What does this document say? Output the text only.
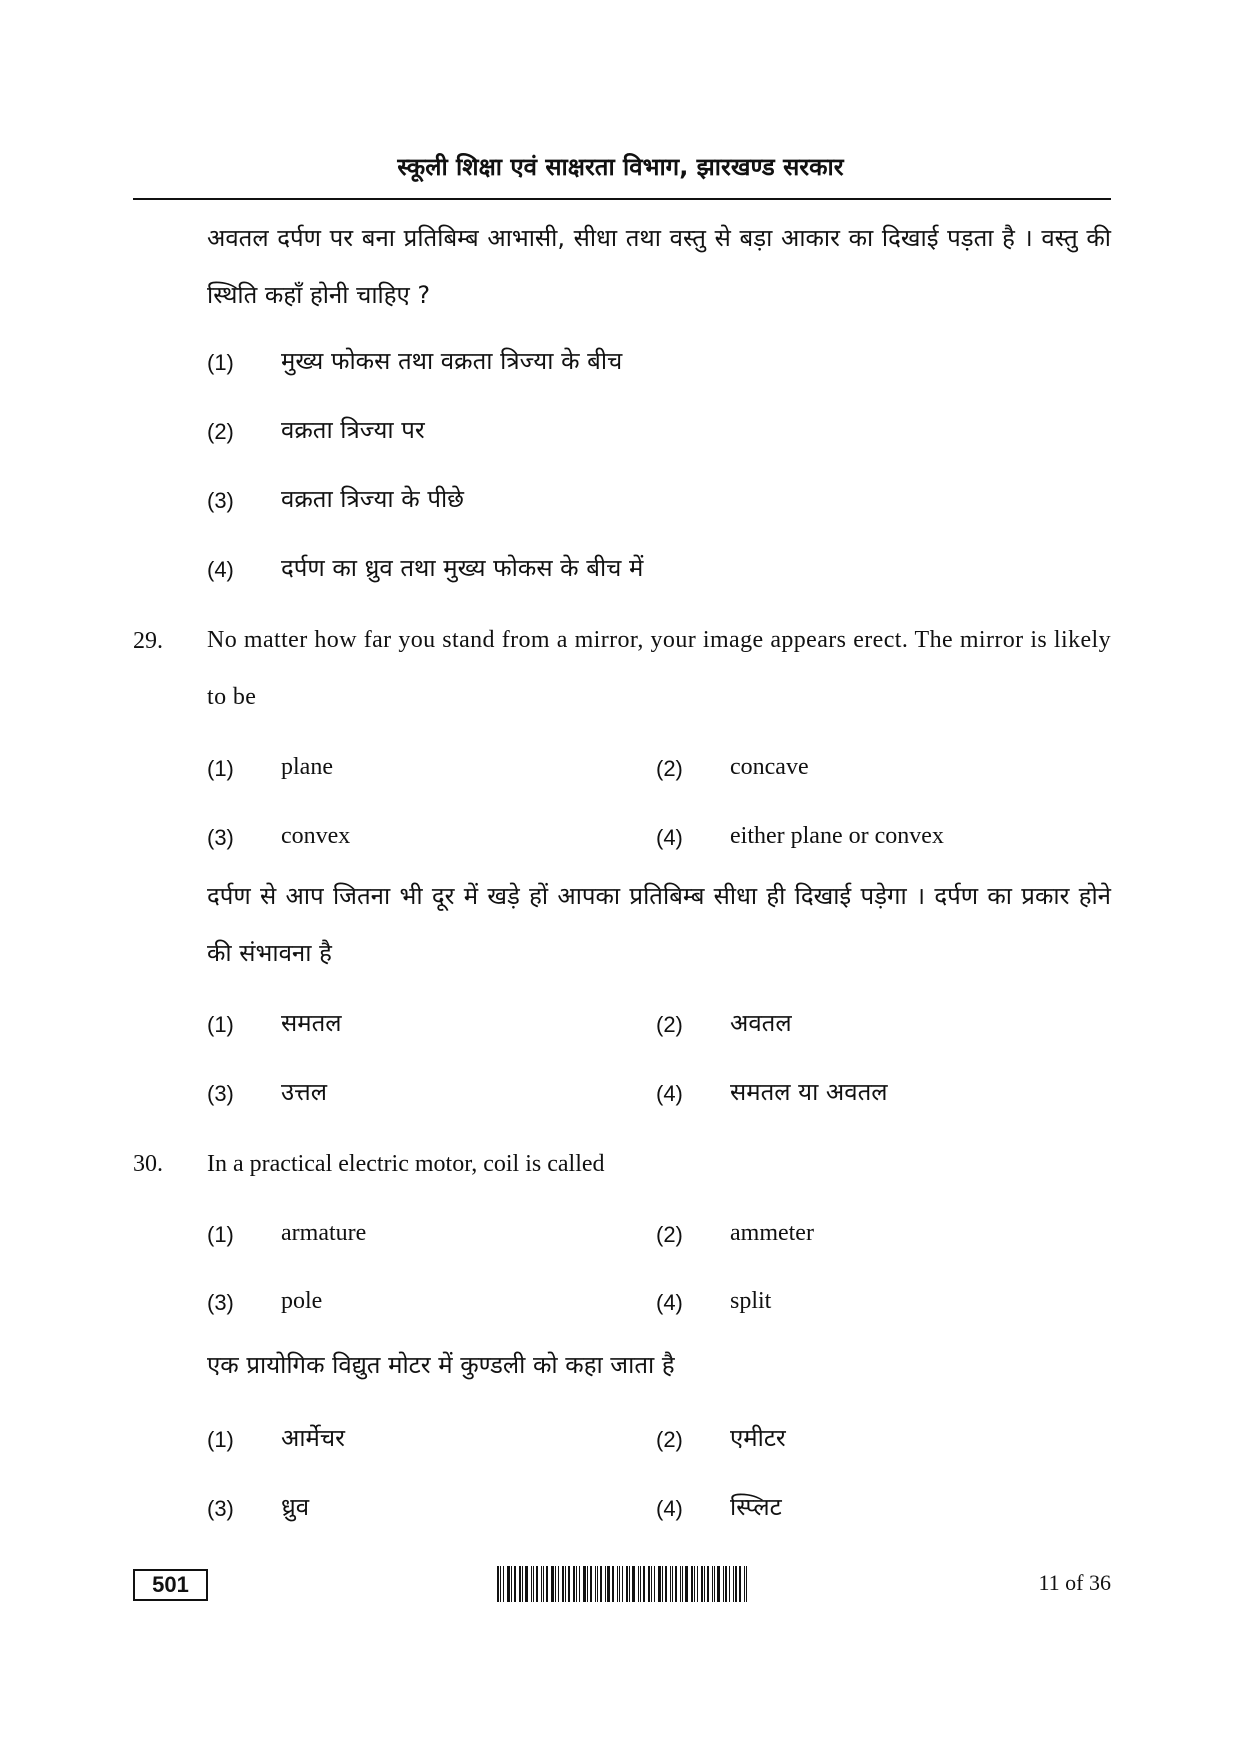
स्कूली शिक्षा एवं साक्षरता विभाग, झारखण्ड सरकार
अवतल दर्पण पर बना प्रतिबिम्ब आभासी, सीधा तथा वस्तु से बड़ा आकार का दिखाई पड़ता है । वस्तु की स्थिति कहाँ होनी चाहिए ?
(1) मुख्य फोकस तथा वक्रता त्रिज्या के बीच
(2) वक्रता त्रिज्या पर
(3) वक्रता त्रिज्या के पीछे
(4) दर्पण का ध्रुव तथा मुख्य फोकस के बीच में
29. No matter how far you stand from a mirror, your image appears erect. The mirror is likely to be
(1) plane	(2) concave
(3) convex	(4) either plane or convex
दर्पण से आप जितना भी दूर में खड़े हों आपका प्रतिबिम्ब सीधा ही दिखाई पड़ेगा । दर्पण का प्रकार होने की संभावना है
(1) समतल	(2) अवतल
(3) उत्तल	(4) समतल या अवतल
30. In a practical electric motor, coil is called
(1) armature	(2) ammeter
(3) pole	(4) split
एक प्रायोगिक विद्युत मोटर में कुण्डली को कहा जाता है
(1) आर्मेचर	(2) एमीटर
(3) ध्रुव	(4) स्प्लिट
501	11 of 36
